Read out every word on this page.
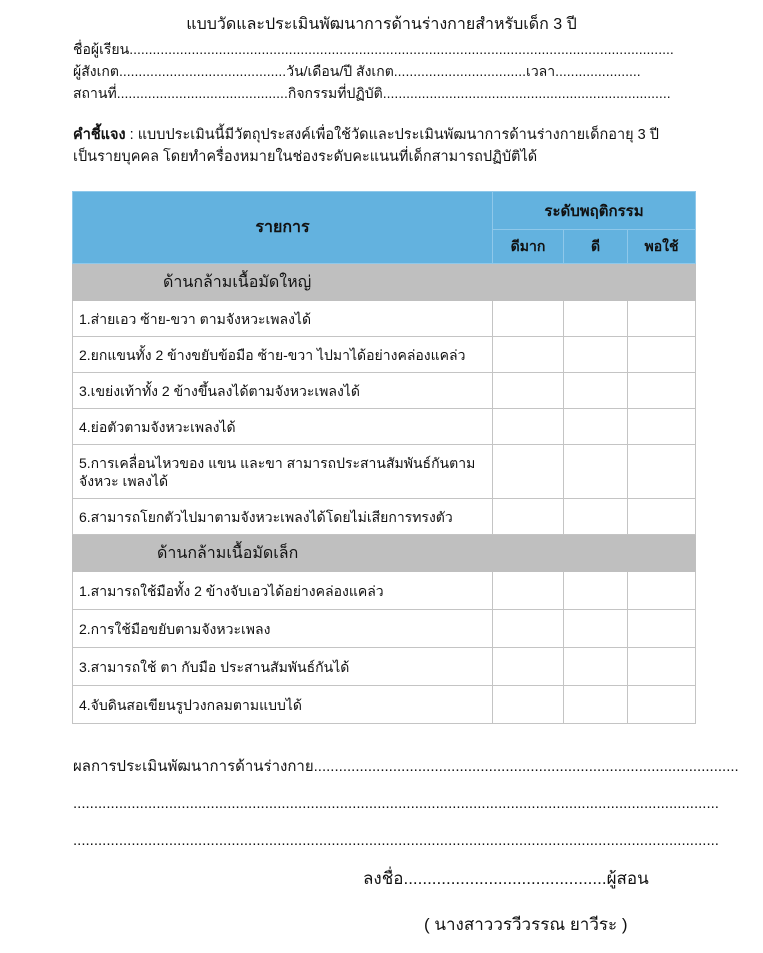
แบบวัดและประเมินพัฒนาการด้านร่างกายสำหรับเด็ก 3 ปี
ชื่อผู้เรียน............................................................................................................................................
ผู้สังเกต...........................................วัน/เดือน/ปี สังเกต..................................เวลา......................
สถานที่............................................กิจกรรมที่ปฏิบัติ..........................................................................
คำชี้แจง : แบบประเมินนี้มีวัตถุประสงค์เพื่อใช้วัดและประเมินพัฒนาการด้านร่างกายเด็กอายุ 3 ปี
เป็นรายบุคคล โดยทำครื่องหมายในช่องระดับคะแนนที่เด็กสามารถปฏิบัติได้
รายการ	ระดับพฤติกรรม		
	ดีมาก	ดี	พอใช้
ด้านกล้ามเนื้อมัดใหญ่			
1.ส่ายเอว ซ้าย-ขวา ตามจังหวะเพลงได้			
2.ยกแขนทั้ง 2 ข้างขยับข้อมือ ซ้าย-ขวา ไปมาได้อย่างคล่องแคล่ว			
3.เขย่งเท้าทั้ง 2 ข้างขึ้นลงได้ตามจังหวะเพลงได้			
4.ย่อตัวตามจังหวะเพลงได้			
5.การเคลื่อนไหวของ แขน และขา สามารถประสานสัมพันธ์กันตาม จังหวะ เพลงได้			
6.สามารถโยกตัวไปมาตามจังหวะเพลงได้โดยไม่เสียการทรงตัว			
ด้านกล้ามเนื้อมัดเล็ก			
1.สามารถใช้มือทั้ง 2 ข้างจับเอวได้อย่างคล่องแคล่ว			
2.การใช้มือขยับตามจังหวะเพลง			
3.สามารถใช้ ตา กับมือ ประสานสัมพันธ์กันได้			
4.จับดินสอเขียนรูปวงกลมตามแบบได้			
ผลการประเมินพัฒนาการด้านร่างกาย......................................................................................................
...........................................................................................................................................................
...........................................................................................................................................................
ลงชื่อ...........................................ผู้สอน
( นางสาววรวีวรรณ ยาวีระ )
